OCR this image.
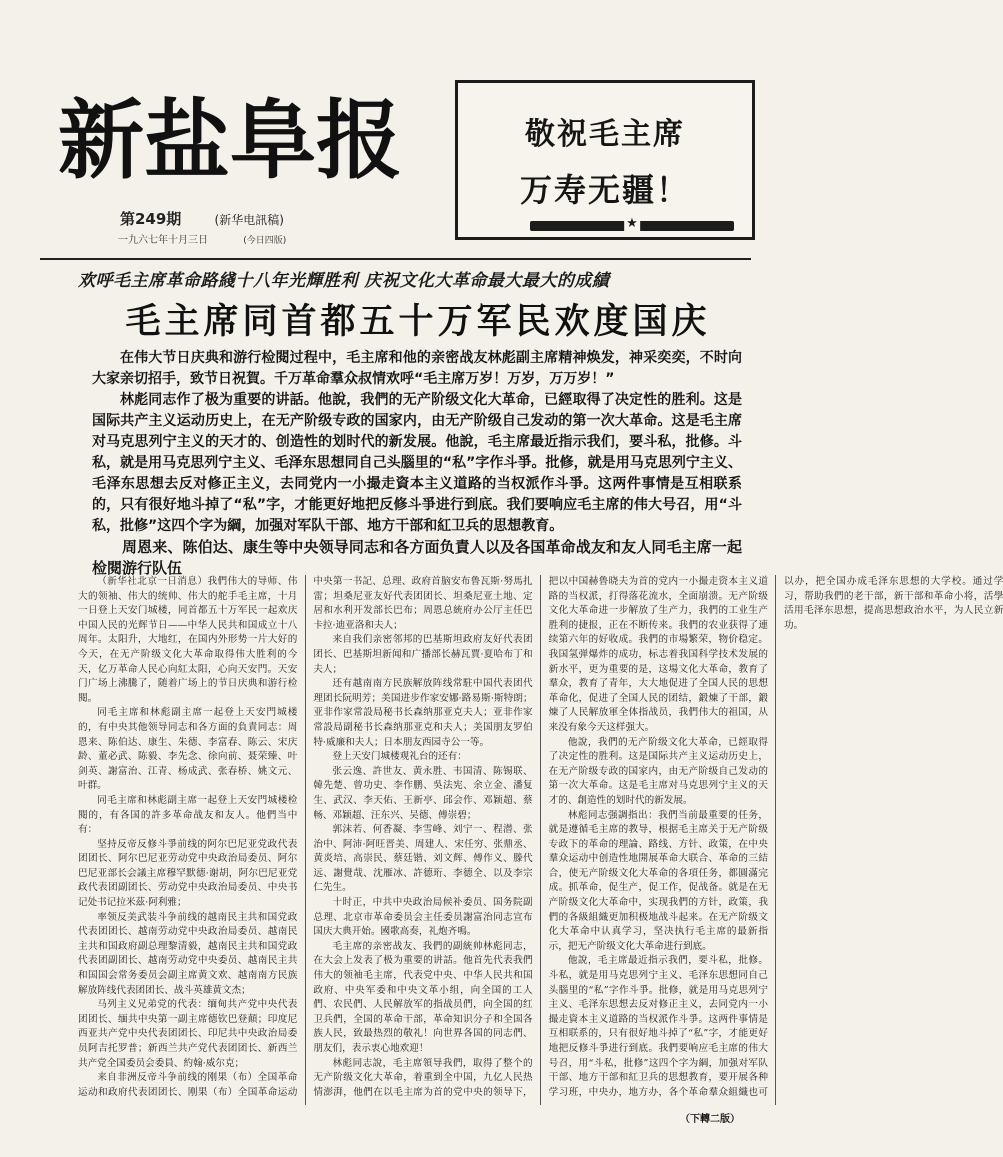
新盐阜报
第249期	(新华电訊稿)
一九六七年十月三日	(今日四版)
敬祝毛主席
万寿无疆！
★
欢呼毛主席革命路綫十八年光輝胜利 庆祝文化大革命最大最大的成績
毛主席同首都五十万军民欢度国庆

在伟大节日庆典和游行检閱过程中，毛主席和他的亲密战友林彪副主席精神焕发，神采奕奕，不时向大家亲切招手，致节日祝賀。千万革命羣众叔情欢呼“毛主席万岁！万岁，万万岁！”

林彪同志作了极为重要的讲話。他說，我們的无产阶级文化大革命，已經取得了决定性的胜利。这是国际共产主义运动历史上，在无产阶级专政的国家内，由无产阶级自己发动的第一次大革命。这是毛主席对马克思列宁主义的天才的、创造性的划时代的新发展。他說，毛主席最近指示我们，要斗私，批修。斗私，就是用马克思列宁主义、毛泽东思想同自己头腦里的“私”字作斗爭。批修，就是用马克思列宁主义、毛泽东思想去反对修正主义，去同党内一小撮走資本主义道路的当权派作斗爭。这两件事情是互相联系的，只有很好地斗掉了“私”字，才能更好地把反修斗爭进行到底。我们要响应毛主席的伟大号召，用“斗私，批修”这四个字为綱，加强对军队干部、地方干部和紅卫兵的思想教育。

周恩来、陈伯达、康生等中央领导同志和各方面负責人以及各国革命战友和友人同毛主席一起检閱游行队伍

（新华社北京一日消息）我們伟大的导师、伟大的领袖、伟大的统帅、伟大的舵手毛主席，十月一日登上天安门城楼，同首都五十万军民一起欢庆中国人民的光辉节日——中华人民共和国成立十八周年。太阳升，大地红，在国内外形势一片大好的今天，在无产阶级文化大革命取得伟大胜利的今天，亿万革命人民心向紅太阳，心向天安門。天安门广场上沸騰了，随着广场上的节日庆典和游行检閱。

同毛主席和林彪副主席一起登上天安門城楼的，有中央其他领导同志和各方面的負責同志：周恩来、陈伯达、康生、朱德、李富春、陈云、宋庆龄、董必武、陈毅、李先念、徐向前、聂荣臻、叶剑英、謝富治、江青、杨成武、张春桥、姚文元、叶群。

同毛主席和林彪副主席一起登上天安門城楼检閱的，有各国的許多革命战友和友人。他們当中有：

坚持反帝反修斗爭前线的阿尔巴尼亚党政代表团团长、阿尔巴尼亚劳动党中央政治局委员、阿尔巴尼亚部长会議主席穆罕默德·谢胡，阿尔巴尼亚党政代表团副团长、劳动党中央政治局委员、中央书记处书记拉米茲·阿利雅；

率领反美武装斗争前线的越南民主共和国党政代表团团长、越南劳动党中央政治局委员、越南民主共和国政府副总理黎清毅，越南民主共和国党政代表团副团长、越南劳动党中央委员、越南民主共和国国会常务委员会副主席黄文欢、越南南方民族解放阵线代表团团长、战斗英雄黄文杰；

马列主义兄弟党的代表：缅甸共产党中央代表团团长、缅共中央第一副主席德钦巴登顛；印度尼西亚共产党中央代表团团长、印尼共中央政治局委员阿吉托罗普；新西兰共产党代表团团长、新西兰共产党全国委员会委員、約翰·威尔克；

来自非洲反帝斗争前线的刚果（布）全国革命运动和政府代表团团长、刚果（布）全国革命运动中央第一书記、总理、政府首脑安布鲁瓦斯·努馬扎雷；坦桑尼亚友好代表团团长、坦桑尼亚土地、定居和水利开发部长巴布；周恩总統府办公厅主任巴卡拉·迪亚洛和夫人；

来自我们亲密邻邦的巴基斯坦政府友好代表团团长、巴基斯坦新闻和广播部长赫瓦賈·夏哈布丁和夫人；

还有越南南方民族解放阵线常駐中国代表团代理团长阮明芳；美国进步作家安娜·路易斯·斯特朗；亚非作家常設局秘书长森纳那亚克夫人；亚非作家常設局副秘书长森纳那亚克和夫人；美国朋友罗伯特·威廉和夫人；日本朋友西园寺公一等。

登上天安门城楼观礼台的还有：

张云逸、許世友、黄永胜、韦国清、陈锡联、韓先楚、曾功史、李作鹏、吳法宪、余立金、潘复生、武汉、李天佑、王新亭、邱会作、邓颖超、蔡畅、邓颖超、汪东兴、吴德、傅崇碧；

郭沫若、何香凝、李雪峰、刘宁一、程潜、张治中、阿沛·阿旺晋美、周建人、宋任穷、张鼎丞、黄炎培、高崇民、蔡廷锴、刘文辉、傅作义、滕代远、謝覺哉、沈雁冰、許德珩、李德全、以及李宗仁先生。

十时正，中共中央政治局候补委员、国务院副总理、北京市革命委员会主任委员謝富治同志宣布国庆大典开始。國歌高奏，礼炮齐鳴。

毛主席的亲密战友、我們的副統帅林彪同志，在大会上发表了极为重要的讲話。他首先代表我們伟大的领袖毛主席，代表党中央、中华人民共和国政府、中央军委和中央文革小组，向全国的工人們、农民們、人民解放军的指战员們，向全国的红卫兵們，全国的革命干部，革命知识分子和全国各族人民，致最热烈的敬礼！向世界各国的同志們、朋友们，表示衷心地欢迎！

林彪同志說，毛主席領导我們，取得了整个的无产阶级文化大革命，着重到全中国，九亿人民热情澎湃，他們在以毛主席为首的党中央的领导下，把以中国赫鲁晓夫为首的党内一小撮走资本主义道路的当权派，打得落花流水，全面崩溃。无产阶级文化大革命进一步解放了生产力，我們的工业生产胜利的捷报，正在不断传来。我們的农业获得了連续第六年的好收成。我們的市場繁荣，物价稳定。我国氢弹爆炸的成功，标志着我国科学技术发展的新水平，更为重要的是，这場文化大革命，教育了羣众，教育了青年，大大地促进了全国人民的思想革命化，促进了全国人民的团结，鍛煉了干部，鍛煉了人民解放軍全体指战员，我們伟大的祖国，从来没有象今天这样强大。

他說，我們的无产阶级文化大革命，已經取得了决定性的胜利。这是国际共产主义运动历史上，在无产阶级专政的国家内，由无产阶级自己发动的第一次大革命。这是毛主席对马克思列宁主义的天才的、創造性的划时代的新发展。

林彪同志强調指出：我們当前最重要的任务，就是遵循毛主席的教导，根据毛主席关于无产阶级专政下的革命的理論、路线、方针、政策，在中央羣众运动中创造性地開展革命大联合、革命的三結合，使无产阶级文化大革命的各項任务，都圓滿完成。抓革命，促生产，促工作，促战备。就是在无产阶级文化大革命中，实现我們的方针，政策，我們的各級組織更加积极地战斗起来。在无产阶级文化大革命中认真学习，坚决执行毛主席的最新指示，把无产阶级文化大革命进行到底。

他說，毛主席最近指示我們，要斗私，批修。斗私，就是用马克思列宁主义、毛泽东思想同自己头腦里的“私”字作斗爭。批修，就是用马克思列宁主义、毛泽东思想去反对修正主义，去同党内一小撮走資本主义道路的当权派作斗爭。这两件事情是互相联系的，只有很好地斗掉了“私”字，才能更好地把反修斗爭进行到底。我們要响应毛主席的伟大号召，用“斗私，批修”这四个字为綱，加强对军队干部、地方干部和紅卫兵的思想教育，要开展各种学习班，中央办，地方办，各个革命羣众組織也可以办，把全国办成毛泽东思想的大学校。通过学习，帮助我們的老干部，新干部和革命小将，活學活用毛泽东思想，提高思想政治水平，为人民立新功。

（下轉二版）
